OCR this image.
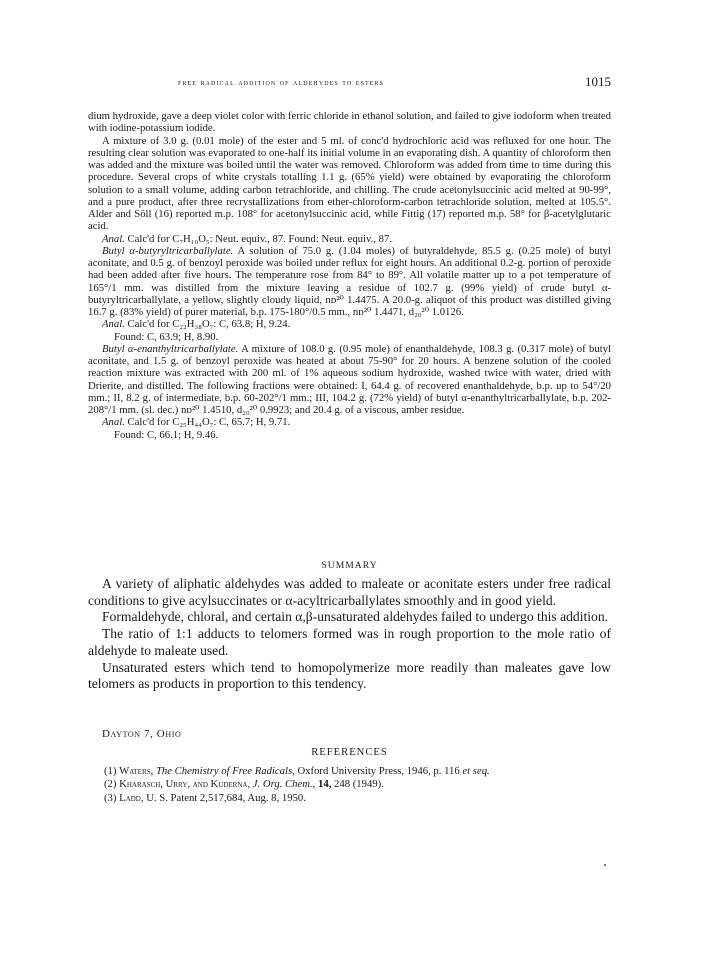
free radical addition of aldehydes to esters	1015

dium hydroxide, gave a deep violet color with ferric chloride in ethanol solution, and failed to give iodoform when treated with iodine-potassium iodide.

A mixture of 3.0 g. (0.01 mole) of the ester and 5 ml. of conc'd hydrochloric acid was refluxed for one hour. The resulting clear solution was evaporated to one-half its initial volume in an evaporating dish. A quantity of chloroform then was added and the mixture was boiled until the water was removed. Chloroform was added from time to time during this procedure. Several crops of white crystals totalling 1.1 g. (65% yield) were obtained by evaporating the chloroform solution to a small volume, adding carbon tetrachloride, and chilling. The crude acetonylsuccinic acid melted at 90-99°, and a pure product, after three recrystallizations from ether-chloroform-carbon tetrachloride solution, melted at 105.5°. Alder and Söll (16) reported m.p. 108° for acetonylsuccinic acid, while Fittig (17) reported m.p. 58° for β-acetylglutaric acid.

Anal. Calc'd for C₇H₁₀O₅: Neut. equiv., 87. Found: Neut. equiv., 87.

Butyl α-butyryltricarballylate. A solution of 75.0 g. (1.04 moles) of butyraldehyde, 85.5 g. (0.25 mole) of butyl aconitate, and 0.5 g. of benzoyl peroxide was boiled under reflux for eight hours. An additional 0.2-g. portion of peroxide had been added after five hours. The temperature rose from 84° to 89°. All volatile matter up to a pot temperature of 165°/1 mm. was distilled from the mixture leaving a residue of 102.7 g. (99% yield) of crude butyl α-butyryltricarballylate, a yellow, slightly cloudy liquid, nᴅ²⁰ 1.4475. A 20.0-g. aliquot of this product was distilled giving 16.7 g. (83% yield) of purer material, b.p. 175-180°/0.5 mm., nᴅ²⁰ 1.4471, d₂₀²⁰ 1.0126.

Anal. Calc'd for C₂₂H₃₈O₇: C, 63.8; H, 9.24.

Found: C, 63.9; H, 8.90.

Butyl α-enanthyltricarballylate. A mixture of 108.0 g. (0.95 mole) of enanthaldehyde, 108.3 g. (0.317 mole) of butyl aconitate, and 1.5 g. of benzoyl peroxide was heated at about 75-90° for 20 hours. A benzene solution of the cooled reaction mixture was extracted with 200 ml. of 1% aqueous sodium hydroxide, washed twice with water, dried with Drierite, and distilled. The following fractions were obtained: I, 64.4 g. of recovered enanthaldehyde, b.p. up to 54°/20 mm.; II, 8.2 g. of intermediate, b.p. 60-202°/1 mm.; III, 104.2 g. (72% yield) of butyl α-enanthyltricarballylate, b.p. 202-208°/1 mm. (sl. dec.) nᴅ²⁰ 1.4510, d₂₀²⁰ 0.9923; and 20.4 g. of a viscous, amber residue.

Anal. Calc'd for C₂₅H₄₄O₇: C, 65.7; H, 9.71.

Found: C, 66.1; H, 9.46.

SUMMARY

A variety of aliphatic aldehydes was added to maleate or aconitate esters under free radical conditions to give acylsuccinates or α-acyltricarballylates smoothly and in good yield.

Formaldehyde, chloral, and certain α,β-unsaturated aldehydes failed to undergo this addition.

The ratio of 1:1 adducts to telomers formed was in rough proportion to the mole ratio of aldehyde to maleate used.

Unsaturated esters which tend to homopolymerize more readily than maleates gave low telomers as products in proportion to this tendency.

Dayton 7, Ohio
REFERENCES
(1) Waters, The Chemistry of Free Radicals, Oxford University Press, 1946, p. 116 et seq.
(2) Kharasch, Urry, and Kuderna, J. Org. Chem., 14, 248 (1949).
(3) Ladd, U. S. Patent 2,517,684, Aug. 8, 1950.
